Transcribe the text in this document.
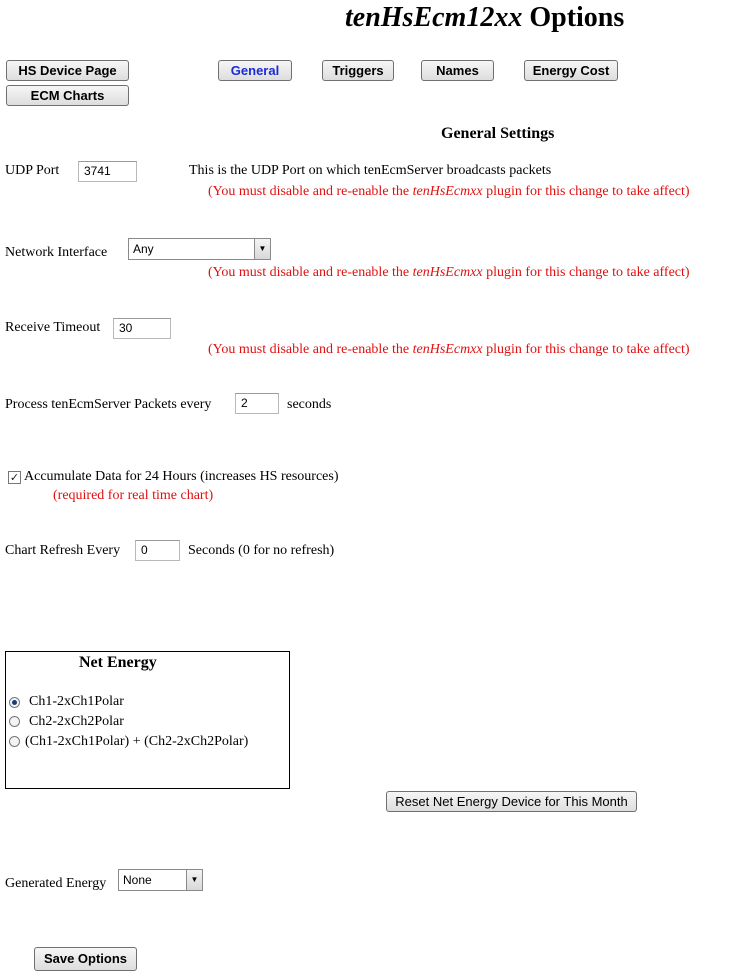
tenHsEcm12xx Options
HS Device Page
ECM Charts
General	Triggers	Names	Energy Cost
General Settings
UDP Port	3741	This is the UDP Port on which tenEcmServer broadcasts packets
(You must disable and re-enable the tenHsEcmxx plugin for this change to take affect)
Network Interface	Any	▼
(You must disable and re-enable the tenHsEcmxx plugin for this change to take affect)
Receive Timeout	30
(You must disable and re-enable the tenHsEcmxx plugin for this change to take affect)
Process tenEcmServer Packets every	2	seconds
✓ Accumulate Data for 24 Hours (increases HS resources)
(required for real time chart)
Chart Refresh Every	0	Seconds (0 for no refresh)
Net Energy
Ch1-2xCh1Polar
Ch2-2xCh2Polar
(Ch1-2xCh1Polar) + (Ch2-2xCh2Polar)
Reset Net Energy Device for This Month
Generated Energy	None	▼
Save Options
